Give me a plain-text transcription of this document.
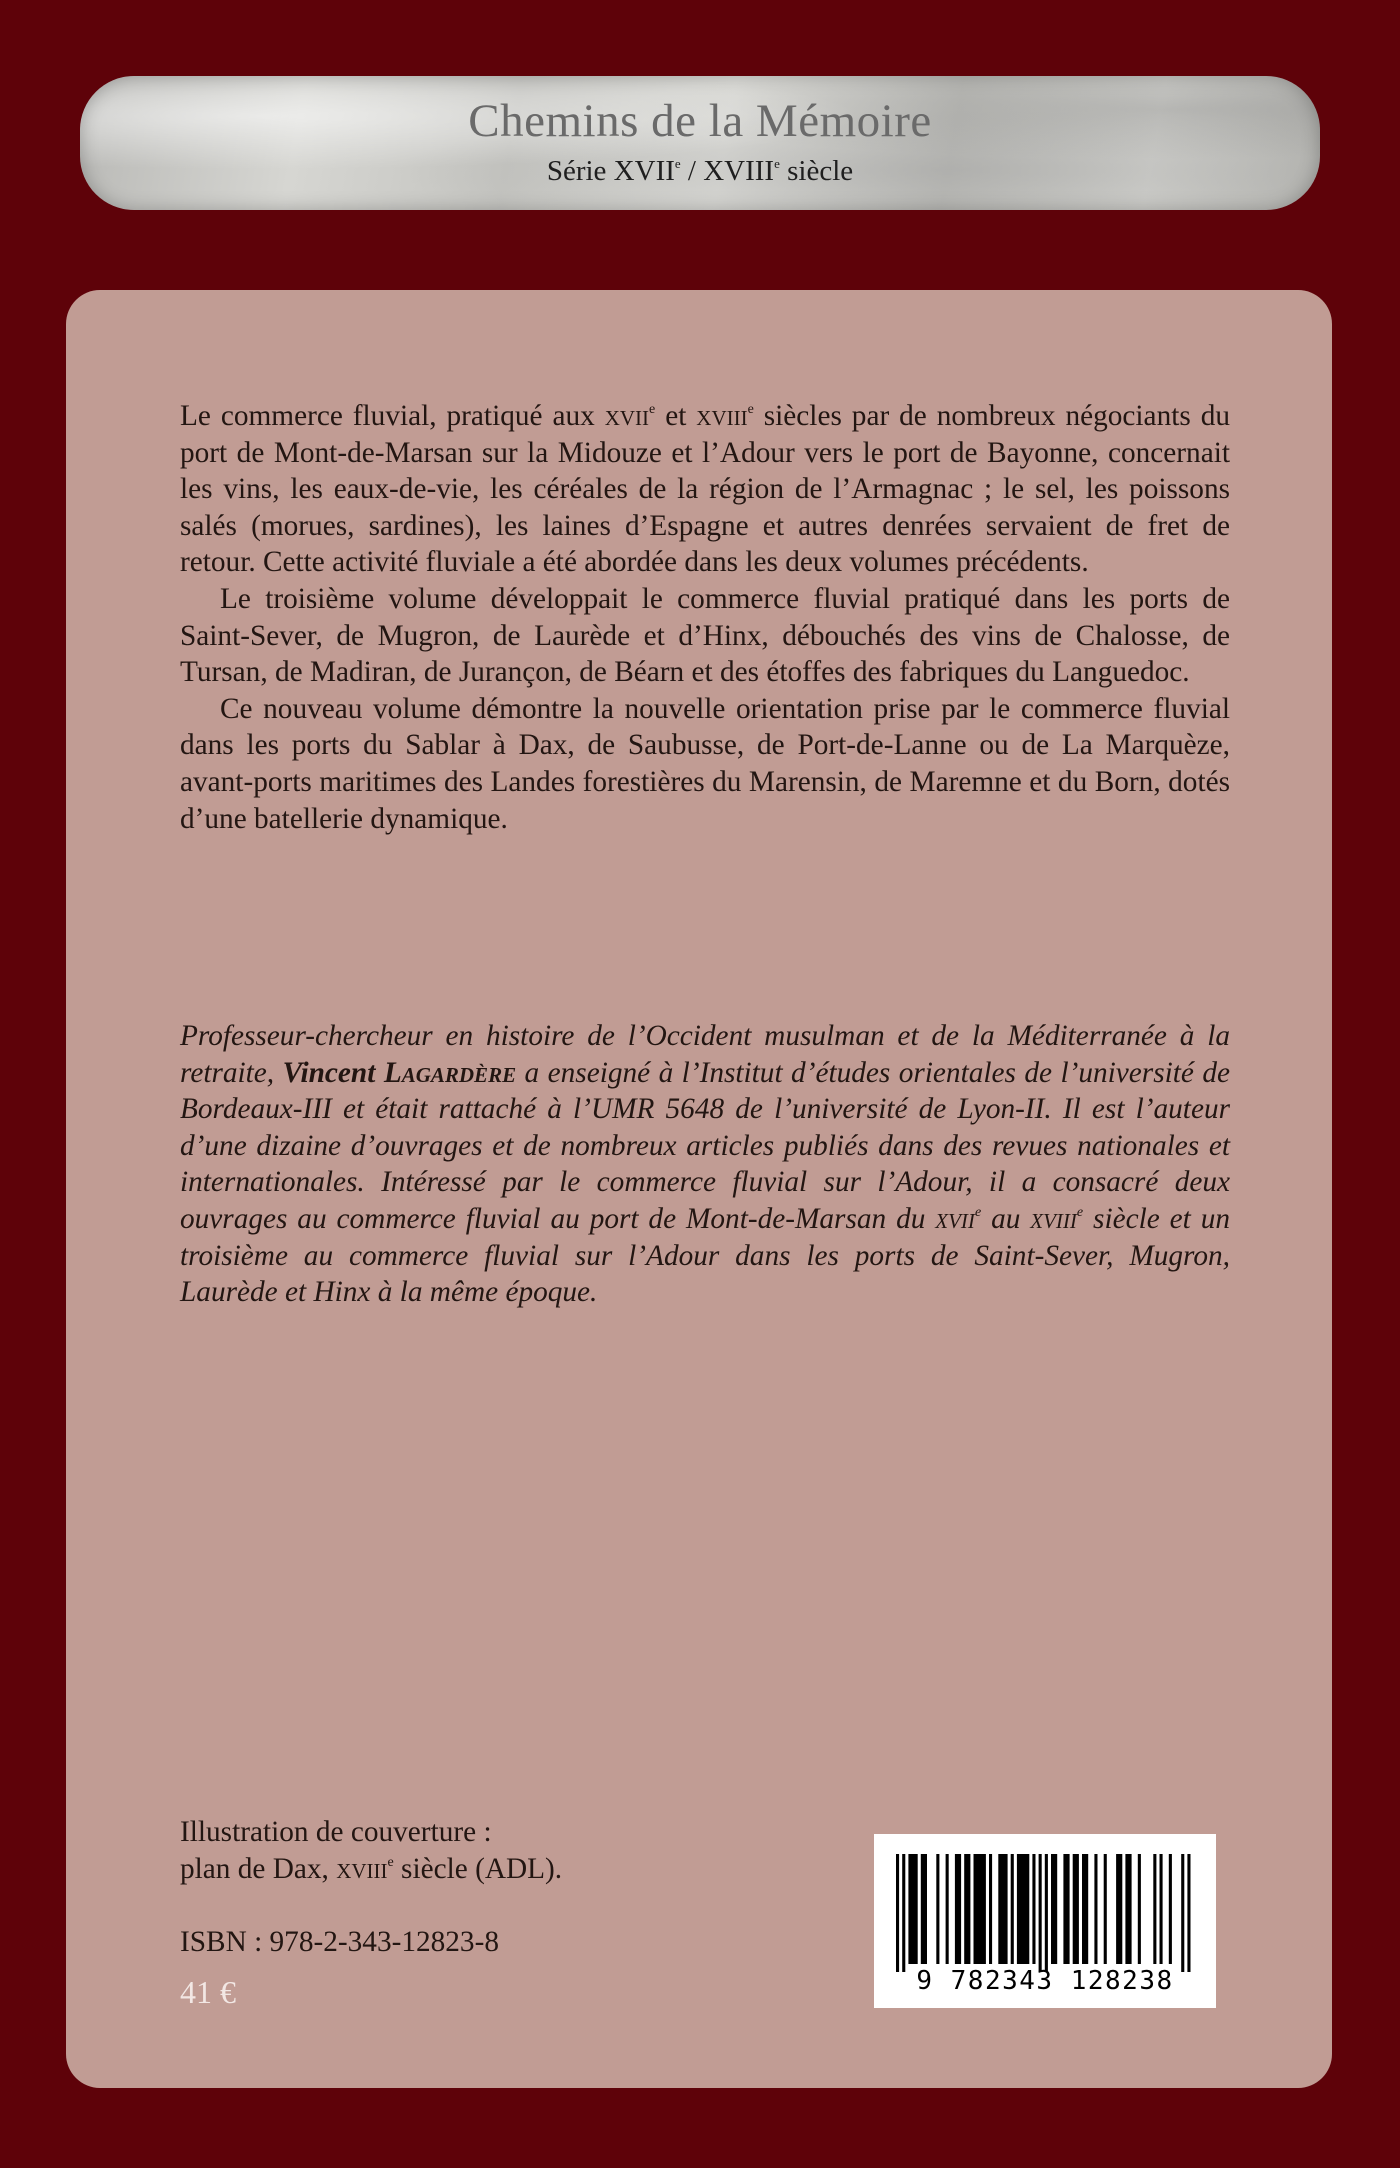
Chemins de la Mémoire
Série XVIIe / XVIIIe siècle

Le commerce fluvial, pratiqué aux xvii$^e$ et xviii$^e$ siècles par de nombreux négociants du port de Mont-de-Marsan sur la Midouze et l’Adour vers le port de Bayonne, concernait les vins, les eaux-de-vie, les céréales de la région de l’Armagnac ; le sel, les poissons salés (morues, sardines), les laines d’Espagne et autres denrées servaient de fret de retour. Cette activité fluviale a été abordée dans les deux volumes précédents.

Le troisième volume développait le commerce fluvial pratiqué dans les ports de Saint-Sever, de Mugron, de Laurède et d’Hinx, débouchés des vins de Chalosse, de Tursan, de Madiran, de Jurançon, de Béarn et des étoffes des fabriques du Languedoc.

Ce nouveau volume démontre la nouvelle orientation prise par le commerce fluvial dans les ports du Sablar à Dax, de Saubusse, de Port-de-Lanne ou de La Marquèze, avant-ports maritimes des Landes forestières du Marensin, de Maremne et du Born, dotés d’une batellerie dynamique.

Professeur-chercheur en histoire de l’Occident musulman et de la Méditerranée à la retraite, Vincent Lagardère a enseigné à l’Institut d’études orientales de l’université de Bordeaux-III et était rattaché à l’UMR 5648 de l’université de Lyon-II. Il est l’auteur d’une dizaine d’ouvrages et de nombreux articles publiés dans des revues nationales et internationales. Intéressé par le commerce fluvial sur l’Adour, il a consacré deux ouvrages au commerce fluvial au port de Mont-de-Marsan du xvii$^e$ au xviii$^e$ siècle et un troisième au commerce fluvial sur l’Adour dans les ports de Saint-Sever, Mugron, Laurède et Hinx à la même époque.

Illustration de couverture :
plan de Dax, xviii$^e$ siècle (ADL).

ISBN : 978-2-343-12823-8

41 €	9 782343 128238
